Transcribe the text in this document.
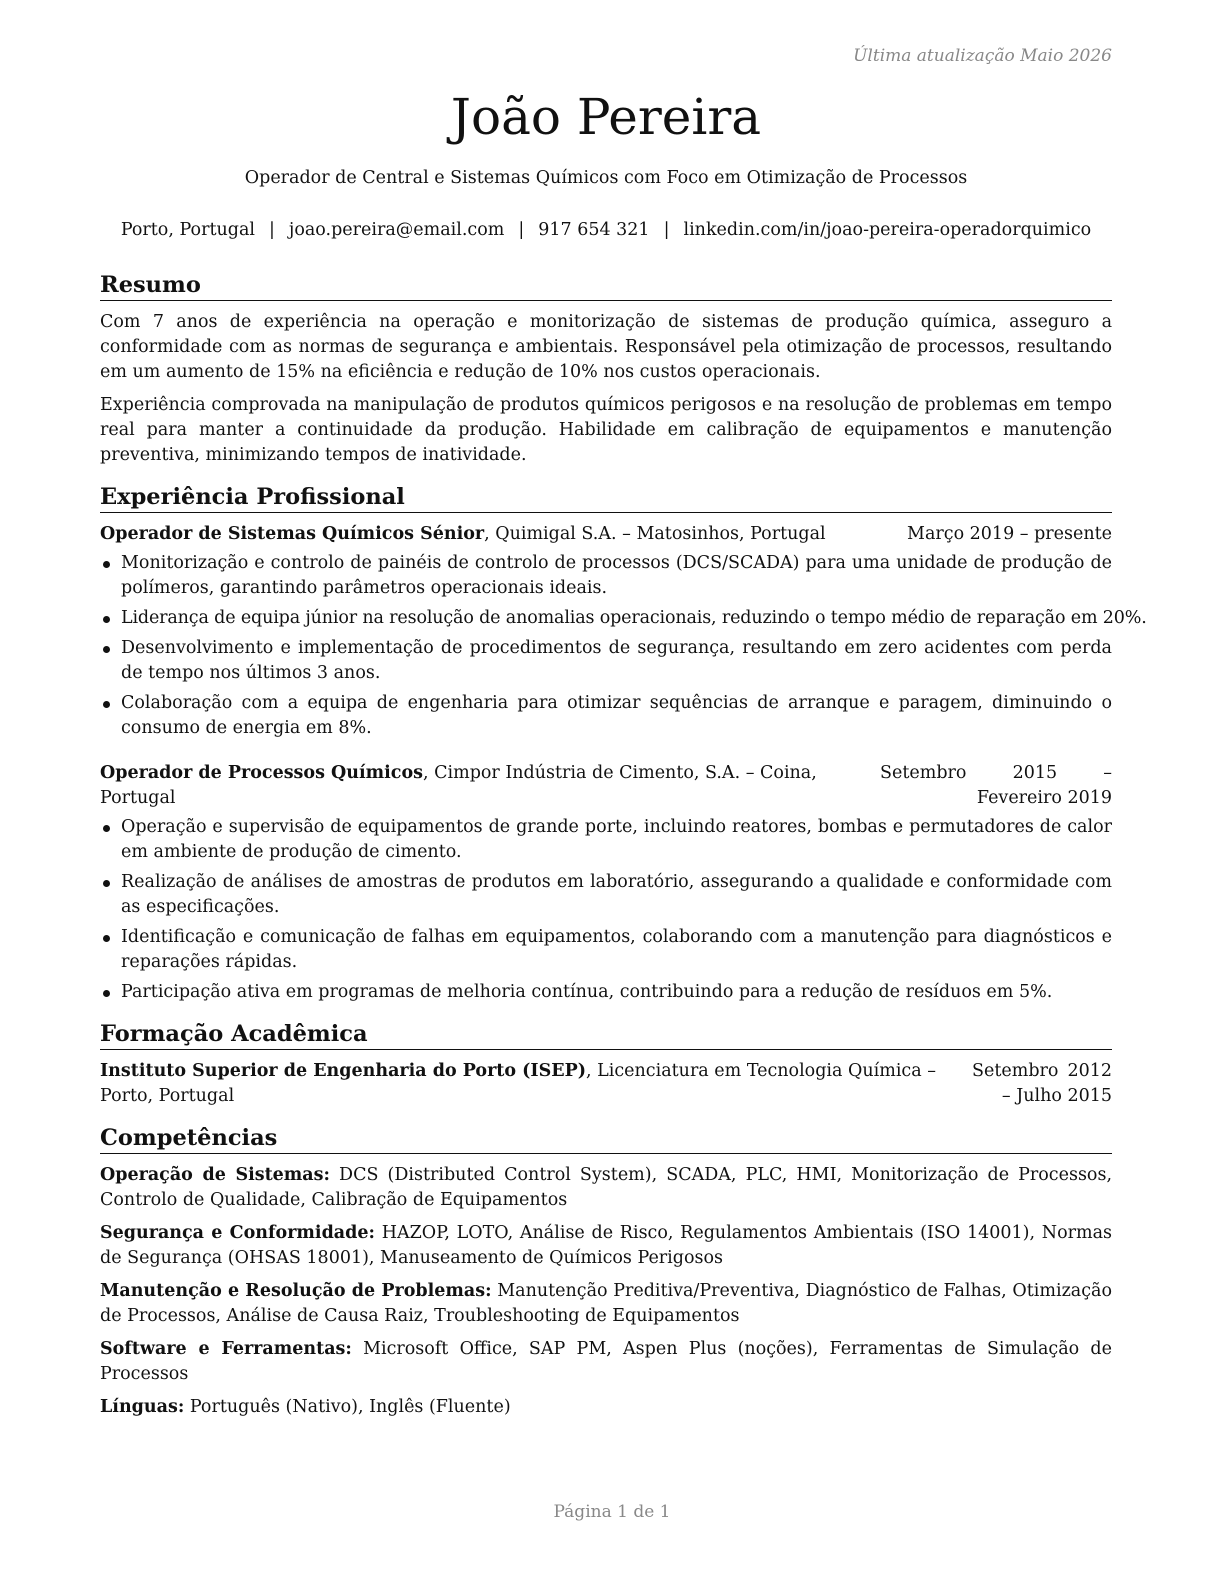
Última atualização Maio 2026
João Pereira
Operador de Central e Sistemas Químicos com Foco em Otimização de Processos
Porto, Portugal | joao.pereira@email.com | 917 654 321 | linkedin.com/in/joao-pereira-operadorquimico
Resumo

Com 7 anos de experiência na operação e monitorização de sistemas de produção química, asseguro a conformidade com as normas de segurança e ambientais. Responsável pela otimização de processos, resultando em um aumento de 15% na eficiência e redução de 10% nos custos operacionais.

Experiência comprovada na manipulação de produtos químicos perigosos e na resolução de problemas em tempo real para manter a continuidade da produção. Habilidade em calibração de equipamentos e manutenção preventiva, minimizando tempos de inatividade.

Experiência Profissional
Operador de Sistemas Químicos Sénior, Quimigal S.A. – Matosinhos, Portugal	Março 2019 – presente
Monitorização e controlo de painéis de controlo de processos (DCS/SCADA) para uma unidade de produção de polímeros, garantindo parâmetros operacionais ideais.
Liderança de equipa júnior na resolução de anomalias operacionais, reduzindo o tempo médio de reparação em 20%.
Desenvolvimento e implementação de procedimentos de segurança, resultando em zero acidentes com perda de tempo nos últimos 3 anos.
Colaboração com a equipa de engenharia para otimizar sequências de arranque e paragem, diminuindo o consumo de energia em 8%.
Operador de Processos Químicos, Cimpor Indústria de Cimento, S.A. – Coina, Portugal
Setembro 2015 – Fevereiro 2019
Operação e supervisão de equipamentos de grande porte, incluindo reatores, bombas e permutadores de calor em ambiente de produção de cimento.
Realização de análises de amostras de produtos em laboratório, assegurando a qualidade e conformidade com as especificações.
Identificação e comunicação de falhas em equipamentos, colaborando com a manutenção para diagnósticos e reparações rápidas.
Participação ativa em programas de melhoria contínua, contribuindo para a redução de resíduos em 5%.
Formação Acadêmica
Instituto Superior de Engenharia do Porto (ISEP), Licenciatura em Tecnologia Química – Porto, Portugal
Setembro 2012 – Julho 2015
Competências
Operação de Sistemas: DCS (Distributed Control System), SCADA, PLC, HMI, Monitorização de Processos, Controlo de Qualidade, Calibração de Equipamentos
Segurança e Conformidade: HAZOP, LOTO, Análise de Risco, Regulamentos Ambientais (ISO 14001), Normas de Segurança (OHSAS 18001), Manuseamento de Químicos Perigosos
Manutenção e Resolução de Problemas: Manutenção Preditiva/Preventiva, Diagnóstico de Falhas, Otimização de Processos, Análise de Causa Raiz, Troubleshooting de Equipamentos
Software e Ferramentas: Microsoft Office, SAP PM, Aspen Plus (noções), Ferramentas de Simulação de Processos
Línguas: Português (Nativo), Inglês (Fluente)
Página 1 de 1
